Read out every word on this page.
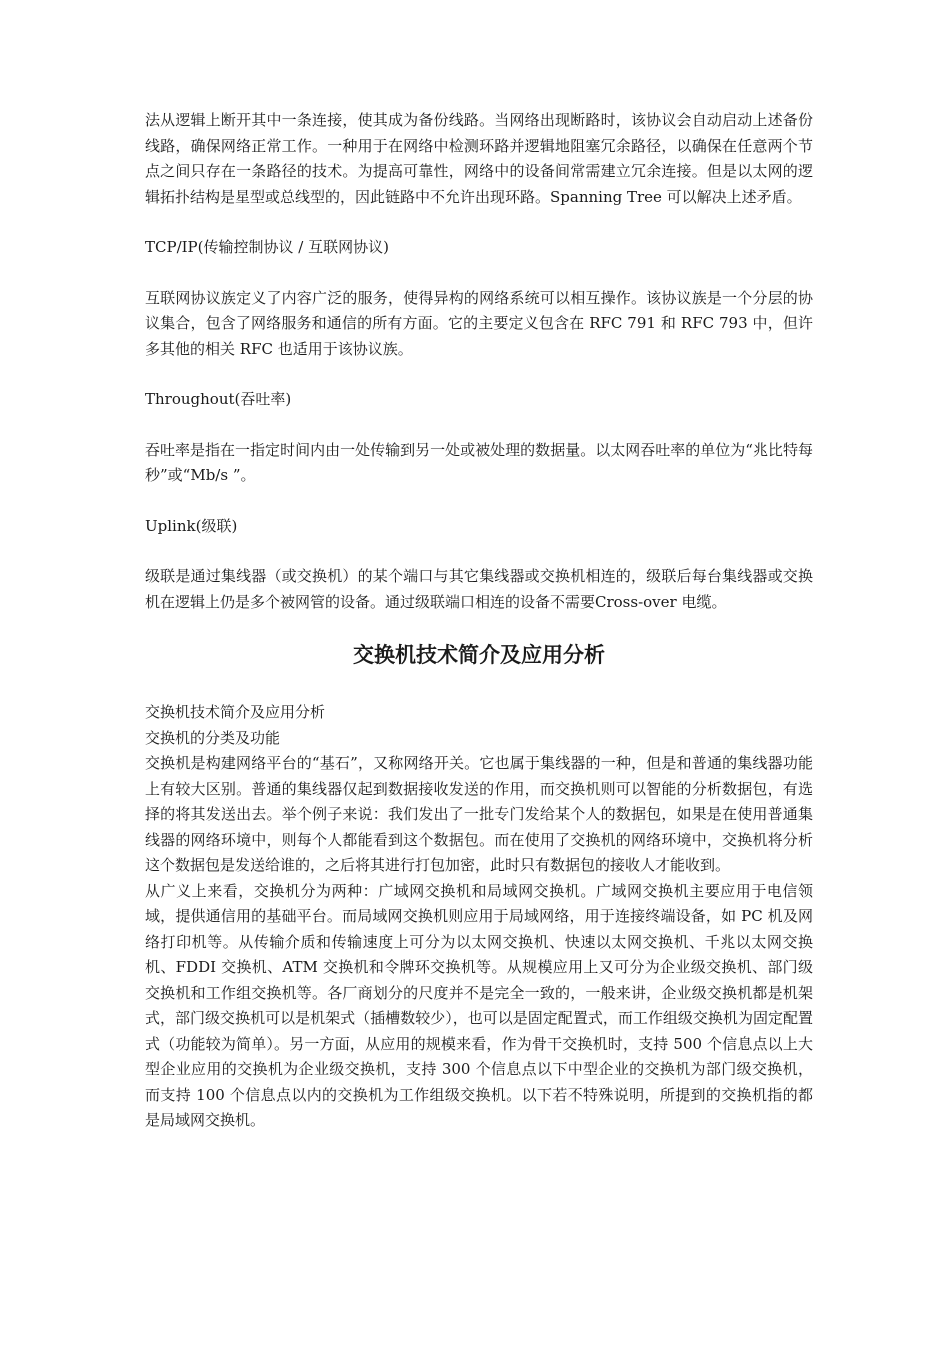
法从逻辑上断开其中一条连接，使其成为备份线路。当网络出现断路时，该协议会自动启动上述备份线路，确保网络正常工作。一种用于在网络中检测环路并逻辑地阻塞冗余路径，以确保在任意两个节点之间只存在一条路径的技术。为提高可靠性，网络中的设备间常需建立冗余连接。但是以太网的逻辑拓扑结构是星型或总线型的，因此链路中不允许出现环路。Spanning Tree 可以解决上述矛盾。

TCP/IP(传输控制协议 / 互联网协议)

互联网协议族定义了内容广泛的服务，使得异构的网络系统可以相互操作。该协议族是一个分层的协议集合，包含了网络服务和通信的所有方面。它的主要定义包含在 RFC 791 和 RFC 793 中，但许多其他的相关 RFC 也适用于该协议族。

Throughout(吞吐率)

吞吐率是指在一指定时间内由一处传输到另一处或被处理的数据量。以太网吞吐率的单位为“兆比特每秒”或“Mb/s ”。

Uplink(级联)

级联是通过集线器（或交换机）的某个端口与其它集线器或交换机相连的，级联后每台集线器或交换机在逻辑上仍是多个被网管的设备。通过级联端口相连的设备不需要Cross-over 电缆。

交换机技术简介及应用分析

交换机技术简介及应用分析

交换机的分类及功能

交换机是构建网络平台的“基石”，又称网络开关。它也属于集线器的一种，但是和普通的集线器功能上有较大区别。普通的集线器仅起到数据接收发送的作用，而交换机则可以智能的分析数据包，有选择的将其发送出去。举个例子来说：我们发出了一批专门发给某个人的数据包，如果是在使用普通集线器的网络环境中，则每个人都能看到这个数据包。而在使用了交换机的网络环境中，交换机将分析这个数据包是发送给谁的，之后将其进行打包加密，此时只有数据包的接收人才能收到。

从广义上来看，交换机分为两种：广域网交换机和局域网交换机。广域网交换机主要应用于电信领域，提供通信用的基础平台。而局域网交换机则应用于局域网络，用于连接终端设备，如 PC 机及网络打印机等。从传输介质和传输速度上可分为以太网交换机、快速以太网交换机、千兆以太网交换机、FDDI 交换机、ATM 交换机和令牌环交换机等。从规模应用上又可分为企业级交换机、部门级交换机和工作组交换机等。各厂商划分的尺度并不是完全一致的，一般来讲，企业级交换机都是机架式，部门级交换机可以是机架式（插槽数较少），也可以是固定配置式，而工作组级交换机为固定配置式（功能较为简单）。另一方面，从应用的规模来看，作为骨干交换机时，支持 500 个信息点以上大型企业应用的交换机为企业级交换机，支持 300 个信息点以下中型企业的交换机为部门级交换机，而支持 100 个信息点以内的交换机为工作组级交换机。以下若不特殊说明，所提到的交换机指的都是局域网交换机。
